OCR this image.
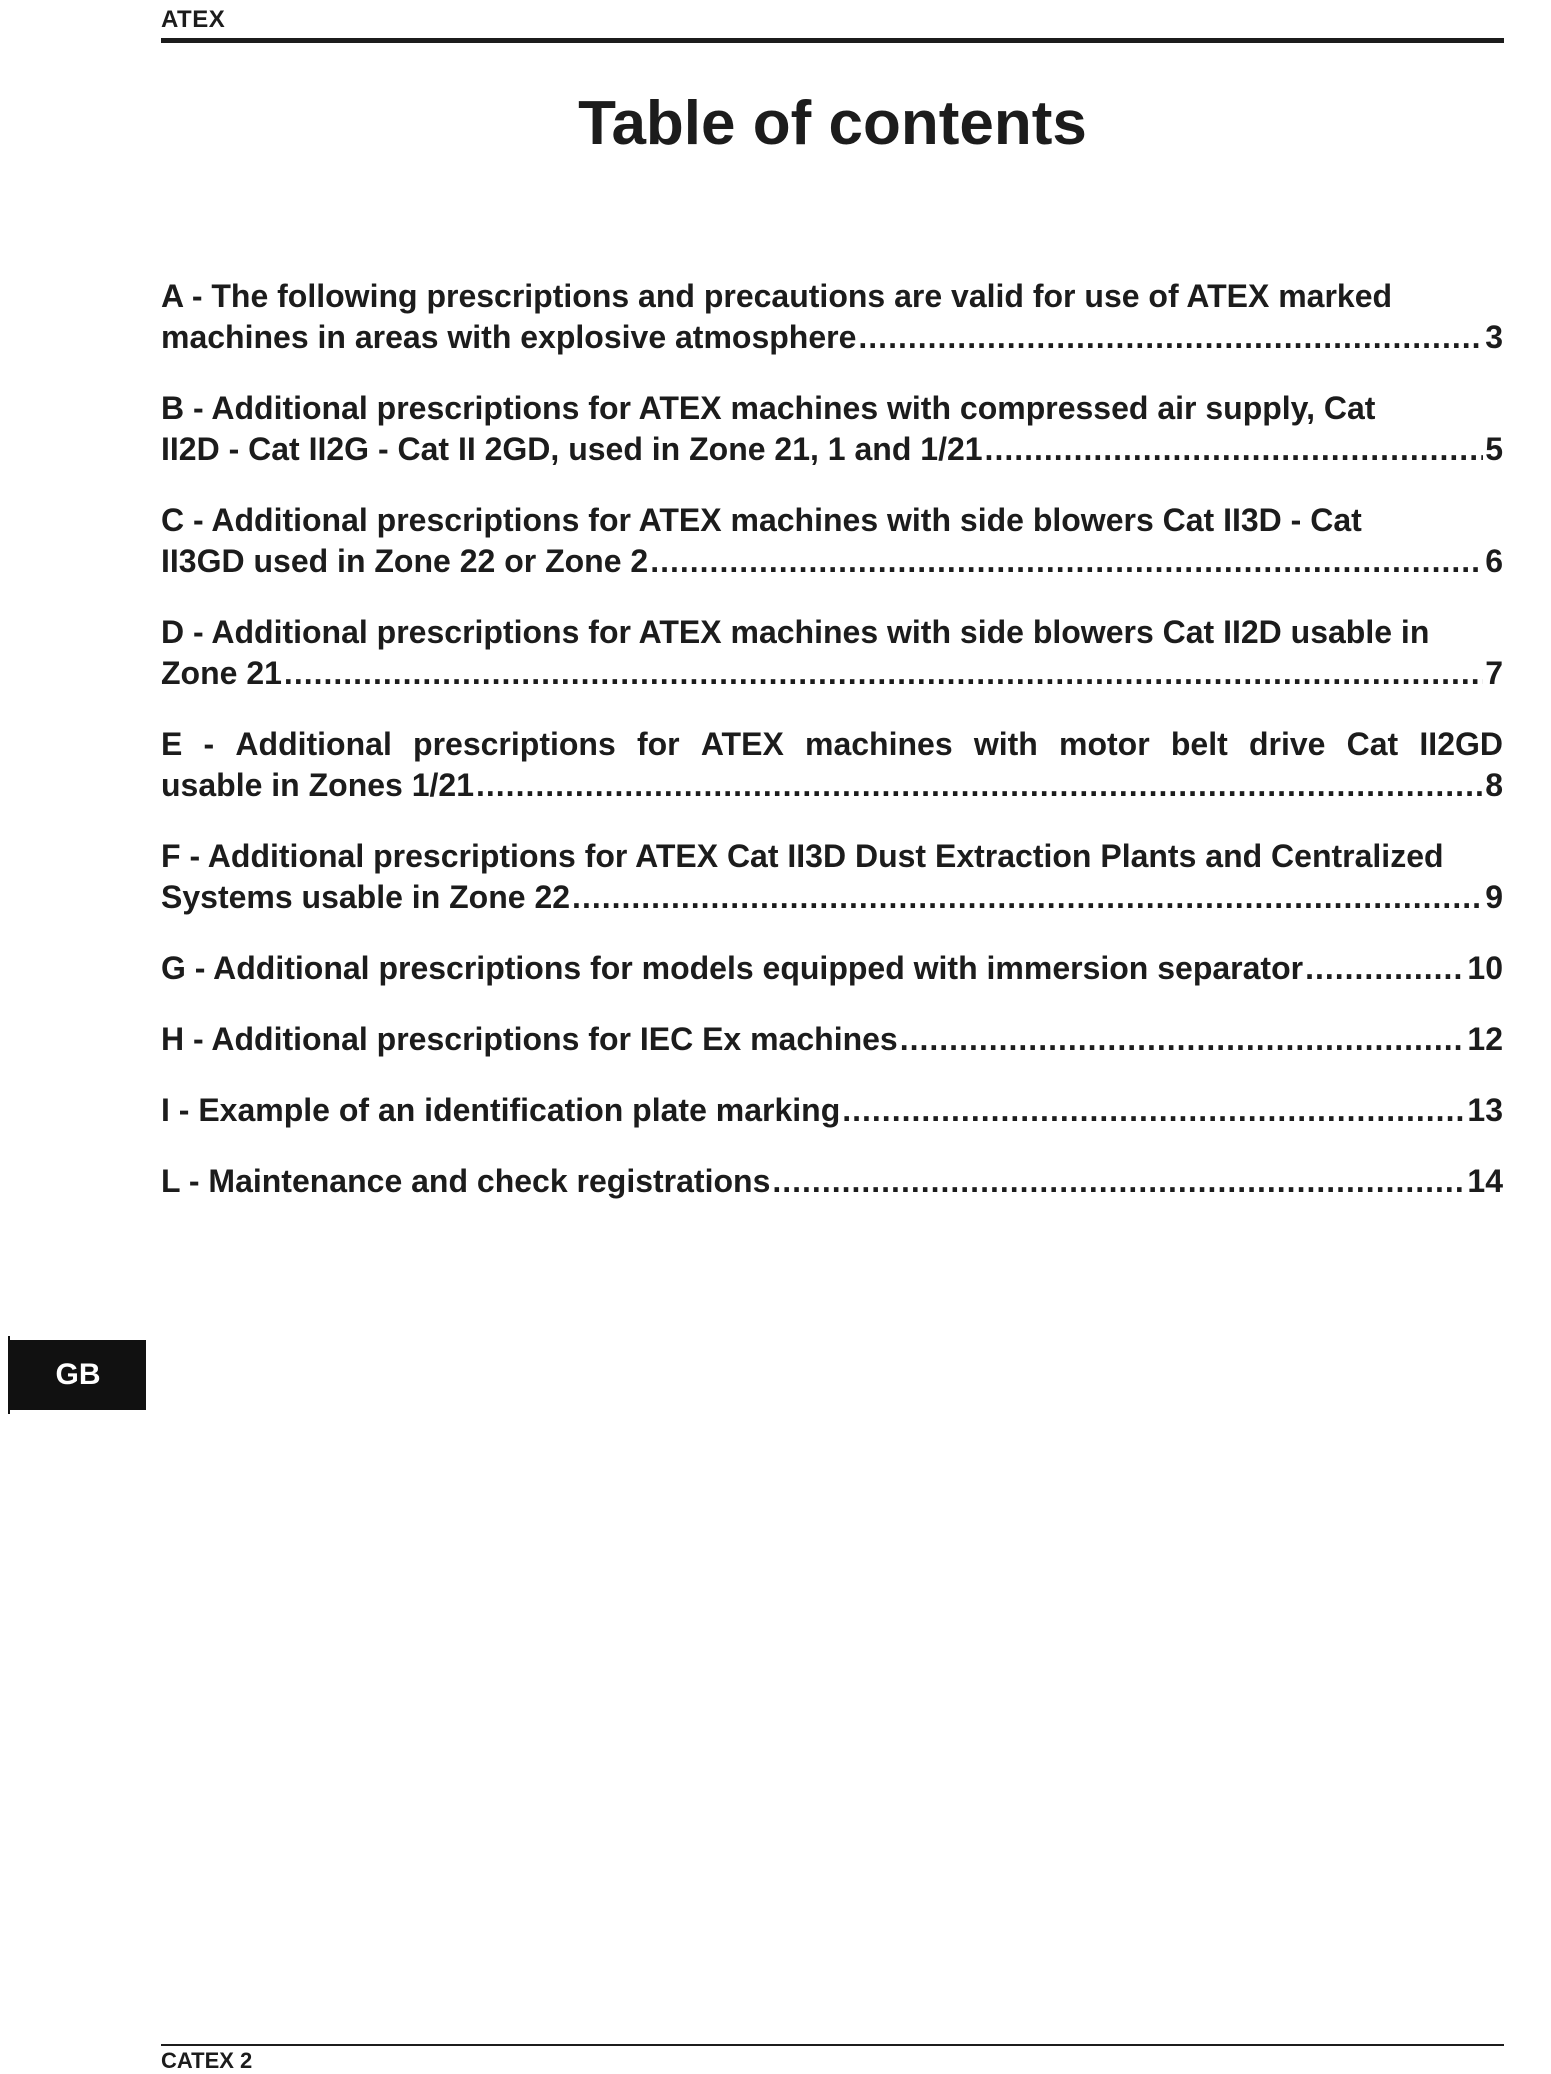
ATEX
Table of contents
A - The following prescriptions and precautions are valid for use of ATEX marked
machines in areas with explosive atmosphere .....	3
B - Additional prescriptions for ATEX machines with compressed air supply, Cat
II2D - Cat II2G - Cat II 2GD, used in Zone 21, 1 and 1/21 .....	5
C - Additional prescriptions for ATEX machines with side blowers Cat II3D - Cat
II3GD used in Zone 22 or Zone 2 .....	6
D - Additional prescriptions for ATEX machines with side blowers Cat II2D usable in
Zone 21 .....	7
E - Additional prescriptions for ATEX machines with motor belt drive Cat II2GD
usable in Zones 1/21 .....	8
F - Additional prescriptions for ATEX Cat II3D Dust Extraction Plants and Centralized
Systems usable in Zone 22 .....	9
G - Additional prescriptions for models equipped with immersion separator .....	10
H - Additional prescriptions for IEC Ex machines .....	12
I - Example of an identification plate marking .....	13
L - Maintenance and check registrations .....	14
GB
CATEX 2
